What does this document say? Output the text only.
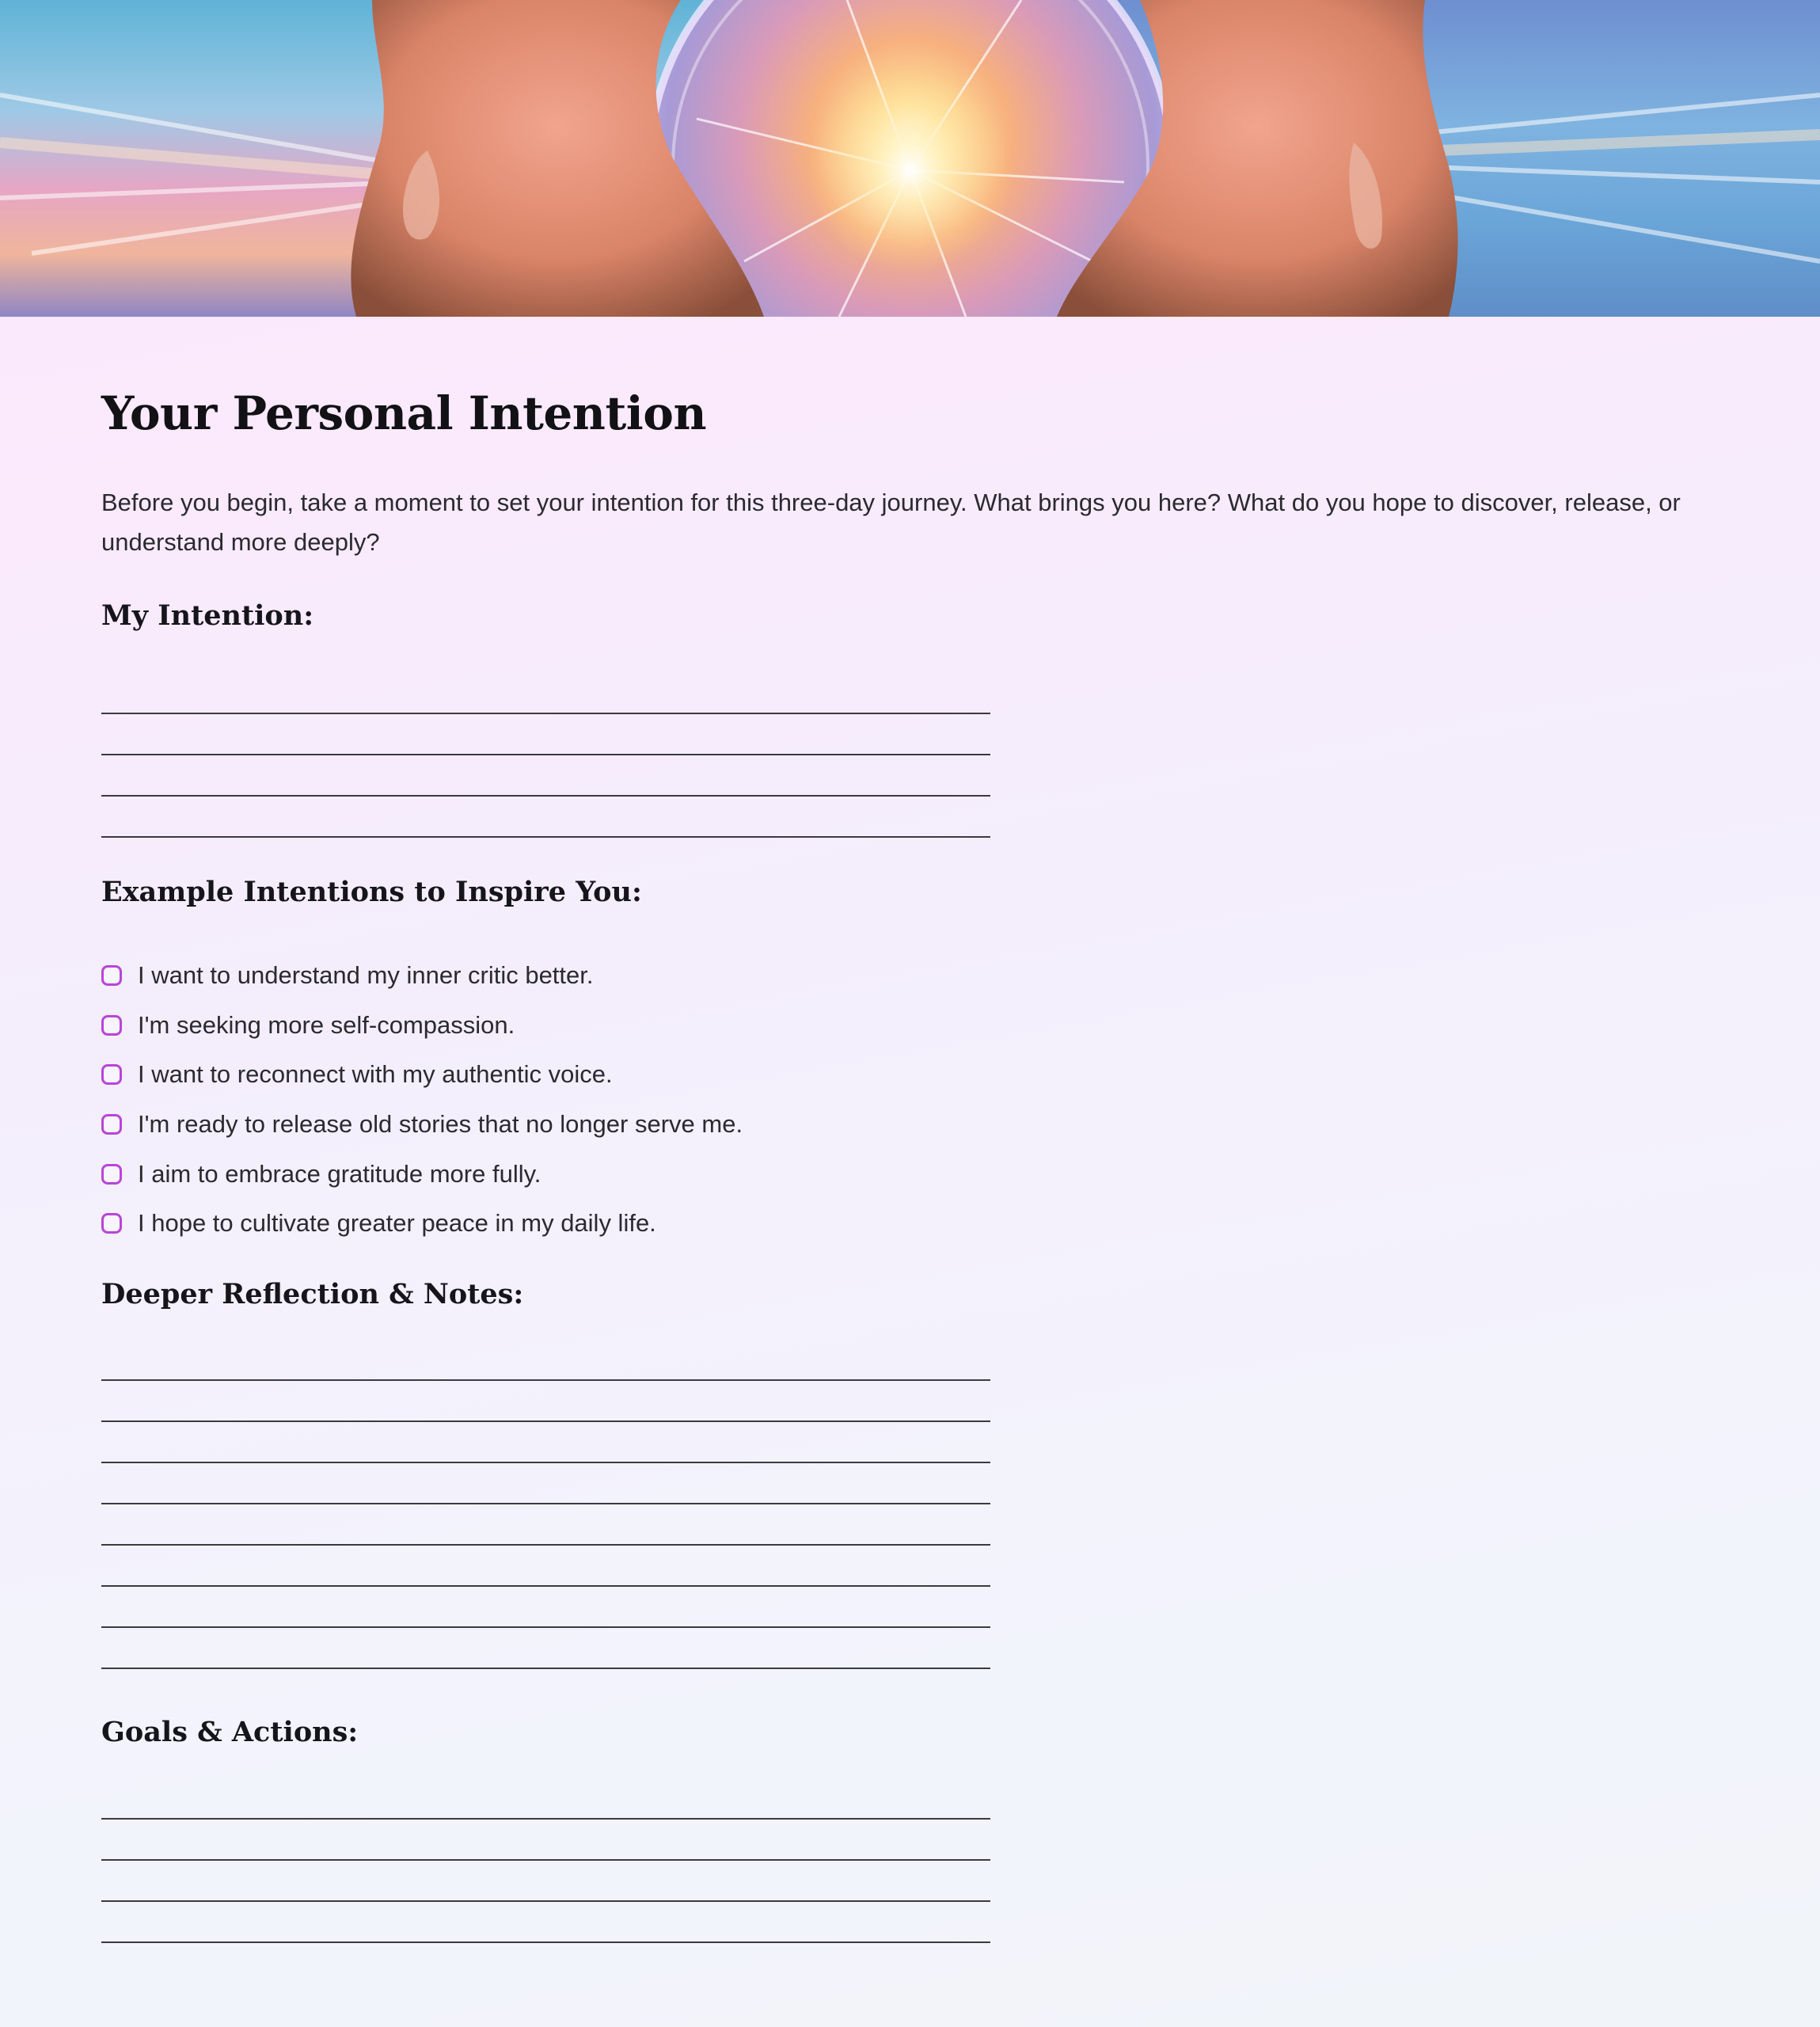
Your Personal Intention

Before you begin, take a moment to set your intention for this three-day journey. What brings you here? What do you hope to discover, release, or understand more deeply?

My Intention:
Example Intentions to Inspire You:
I want to understand my inner critic better.
I'm seeking more self-compassion.
I want to reconnect with my authentic voice.
I'm ready to release old stories that no longer serve me.
I aim to embrace gratitude more fully.
I hope to cultivate greater peace in my daily life.
Deeper Reflection & Notes:
Goals & Actions:
